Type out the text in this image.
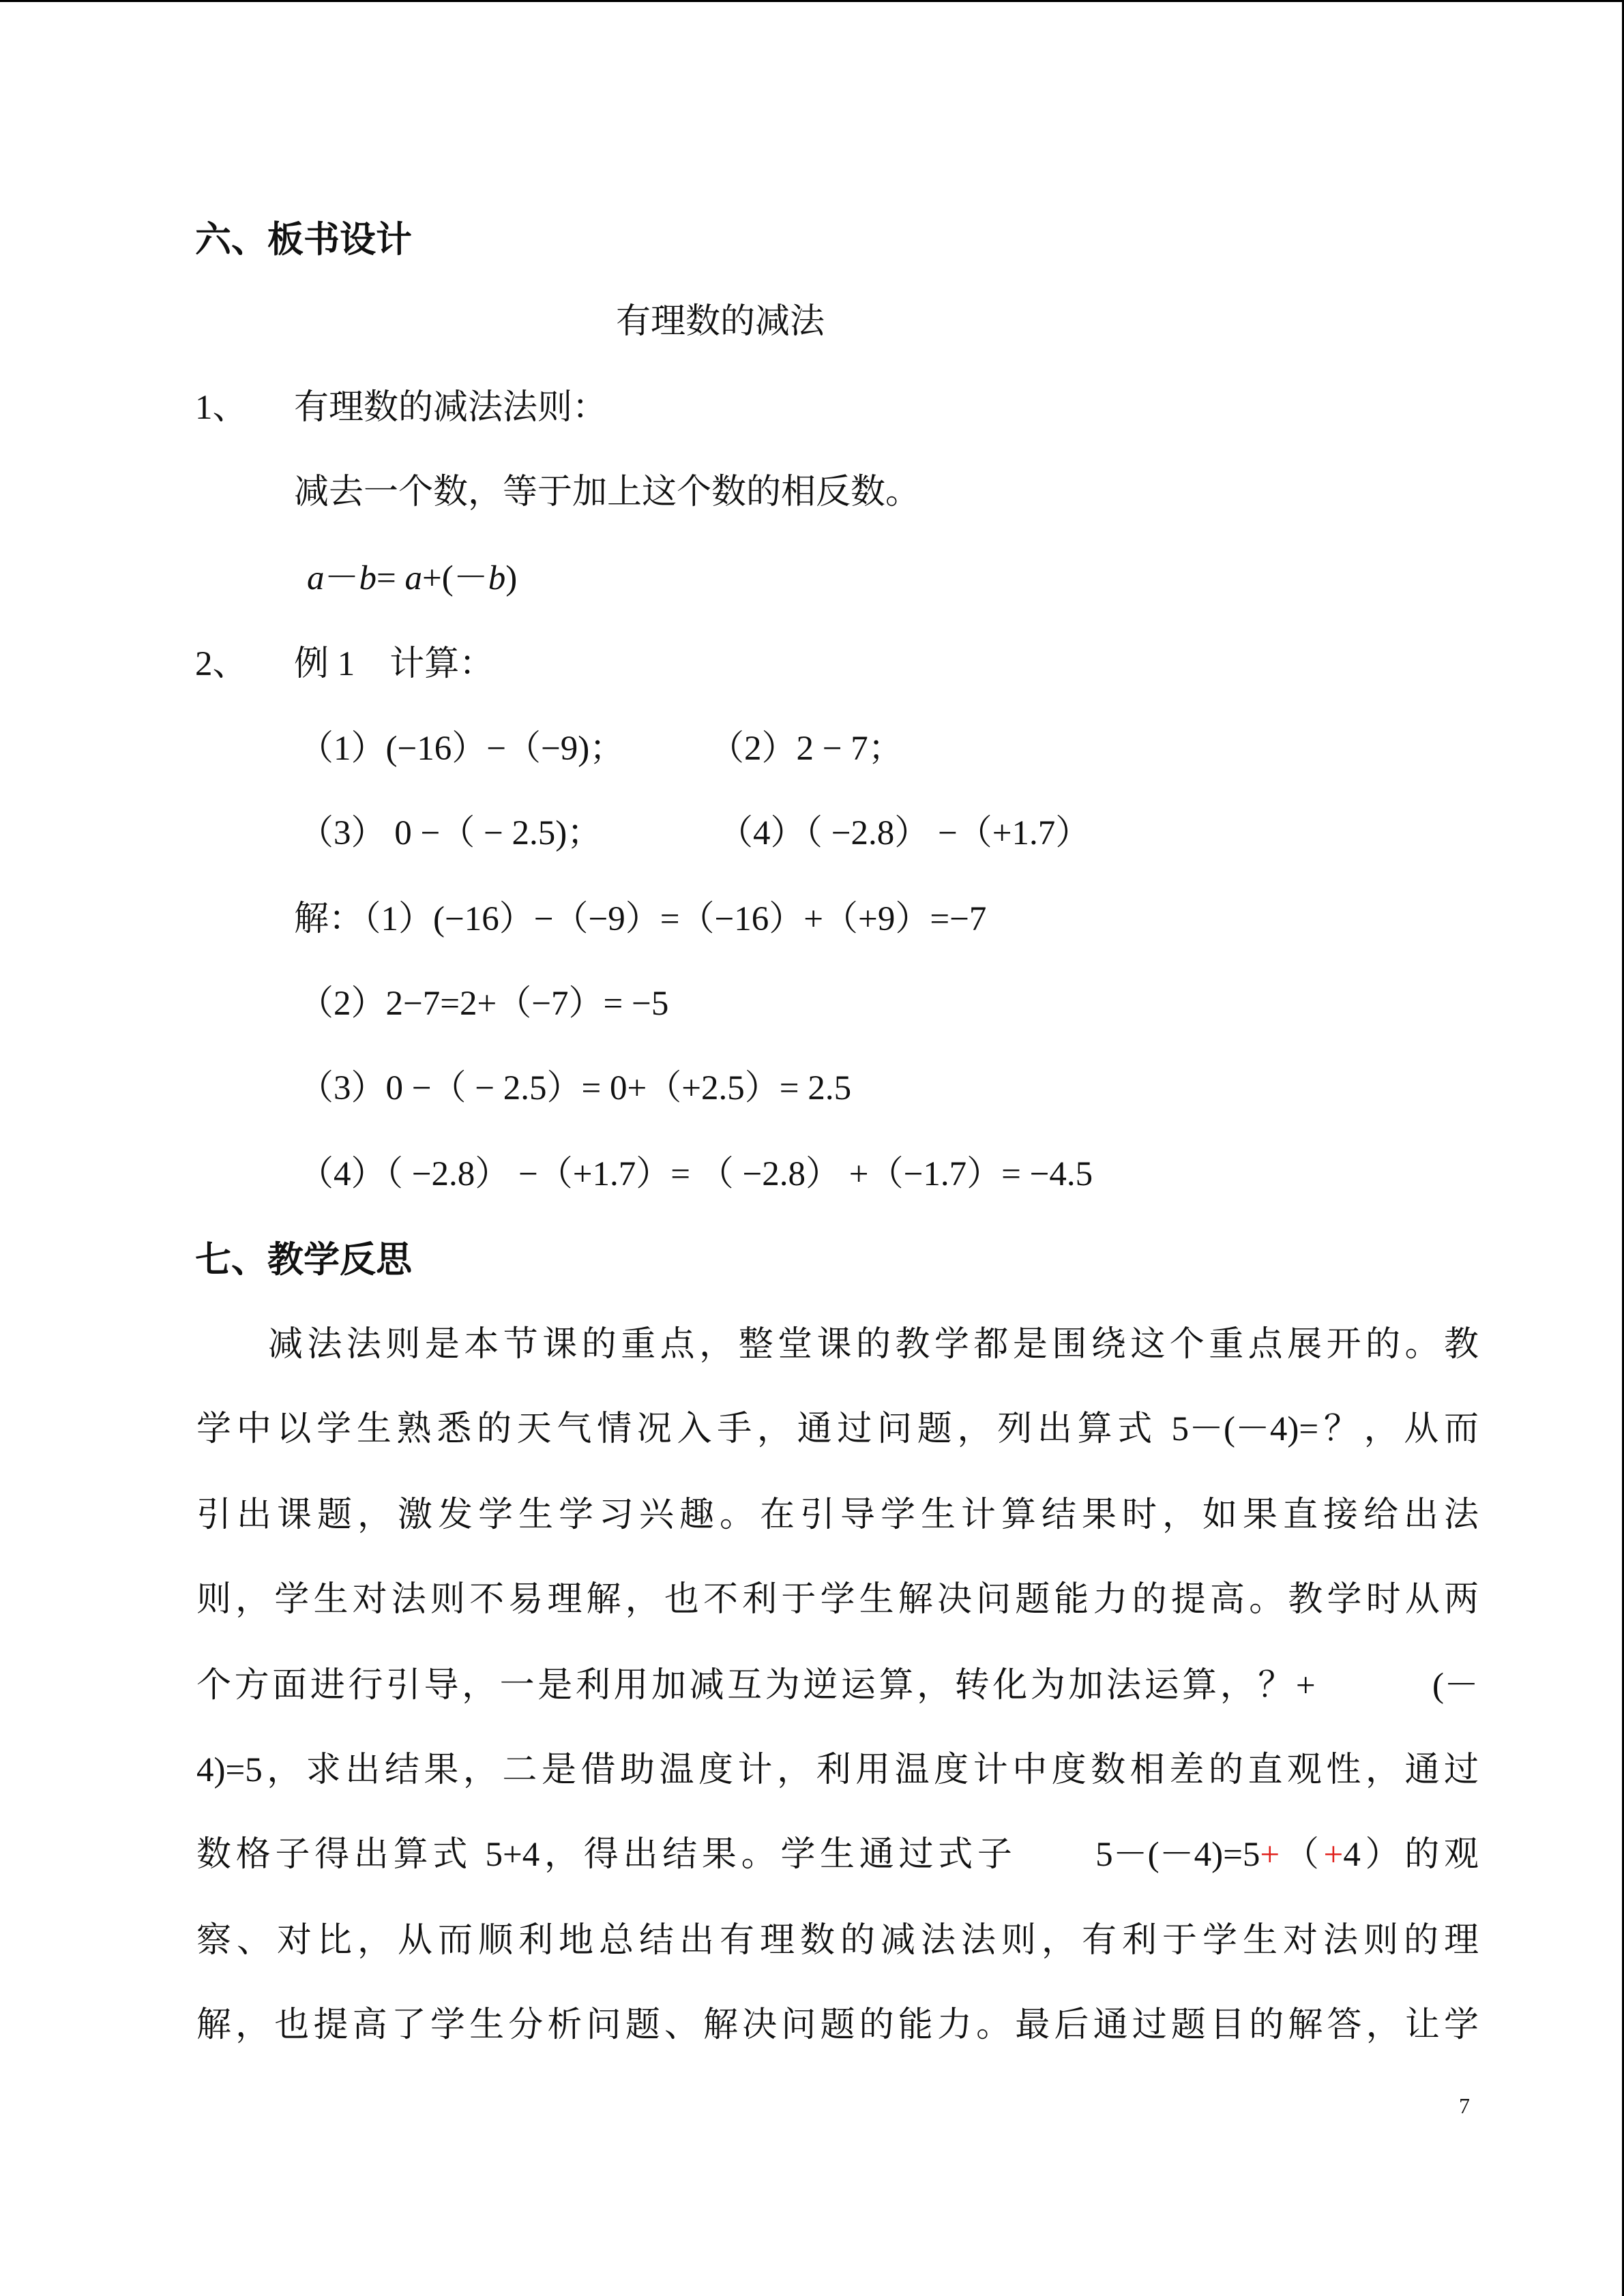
六、板书设计
有理数的减法
1、 有理数的减法法则：
减去一个数，等于加上这个数的相反数。
a－b= a+(－b)
2、 例 1　计算：
（1）(−16）−（−9)； （2）2 − 7；
（3） 0 −（ − 2.5)；	（4）（ −2.8） −（+1.7）
解：（1）(−16）−（−9）=（−16）+（+9）=−7
（2）2−7=2+（−7）= −5
（3）0 −（ − 2.5）= 0+（+2.5）= 2.5
（4）（ −2.8） −（+1.7）= （ −2.8） +（−1.7）= −4.5
七、教学反思
减法法则是本节课的重点，整堂课的教学都是围绕这个重点展开的。教
学中以学生熟悉的天气情况入手，通过问题，列出算式 5－(－4)=？，从而
引出课题，激发学生学习兴趣。在引导学生计算结果时，如果直接给出法
则，学生对法则不易理解，也不利于学生解决问题能力的提高。教学时从两
个方面进行引导，一是利用加减互为逆运算，转化为加法运算，？+　　　(－
4)=5，求出结果，二是借助温度计，利用温度计中度数相差的直观性，通过
数格子得出算式 5+4，得出结果。学生通过式子　　5－(－4)=5+（+4）的观
察、对比，从而顺利地总结出有理数的减法法则，有利于学生对法则的理
解，也提高了学生分析问题、解决问题的能力。最后通过题目的解答，让学
7
